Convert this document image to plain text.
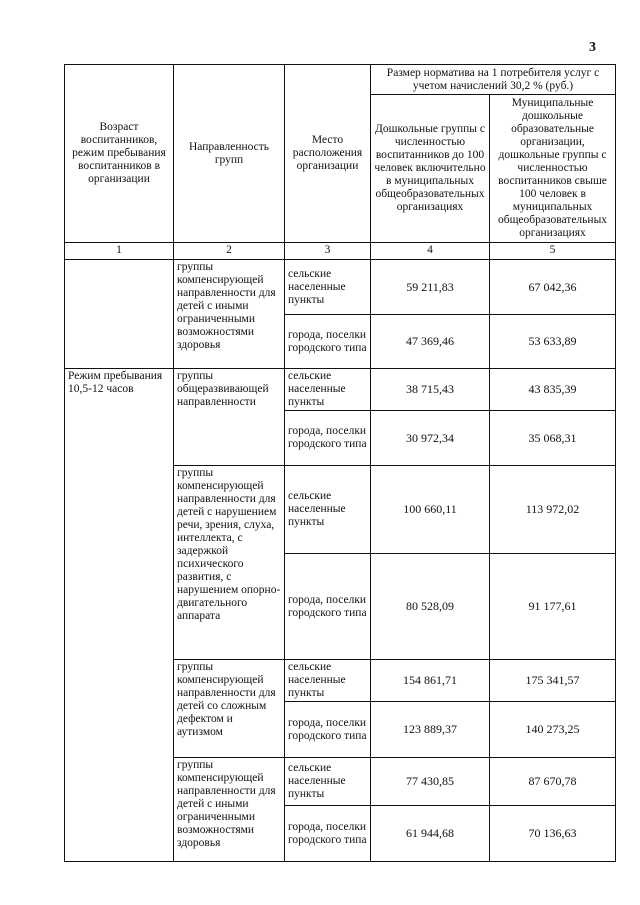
3
Возраст воспитанников, режим пребывания воспитанников в организации	Направленность групп	Место расположения организации	Размер норматива на 1 потребителя услуг с учетом начислений 30,2 % (руб.)	
			Дошкольные группы с численностью воспитанников до 100 человек включительно в муниципальных общеобразовательных организациях	Муниципальные дошкольные образовательные организации, дошкольные группы с численностью воспитанников свыше 100 человек в муниципальных общеобразовательных организациях
1	2	3	4	5
	группы компенсирующей направленности для детей с иными ограниченными возможностями здоровья	сельские населенные пункты	59 211,83	67 042,36
		города, поселки городского типа	47 369,46	53 633,89
Режим пребывания 10,5-12 часов	группы общеразвивающей направленности	сельские населенные пункты	38 715,43	43 835,39
		города, поселки городского типа	30 972,34	35 068,31
	группы компенсирующей направленности для детей с нарушением речи, зрения, слуха, интеллекта, с задержкой психического развития, с нарушением опорно-двигательного аппарата	сельские населенные пункты	100 660,11	113 972,02
		города, поселки городского типа	80 528,09	91 177,61
	группы компенсирующей направленности для детей со сложным дефектом и аутизмом	сельские населенные пункты	154 861,71	175 341,57
		города, поселки городского типа	123 889,37	140 273,25
	группы компенсирующей направленности для детей с иными ограниченными возможностями здоровья	сельские населенные пункты	77 430,85	87 670,78
		города, поселки городского типа	61 944,68	70 136,63
